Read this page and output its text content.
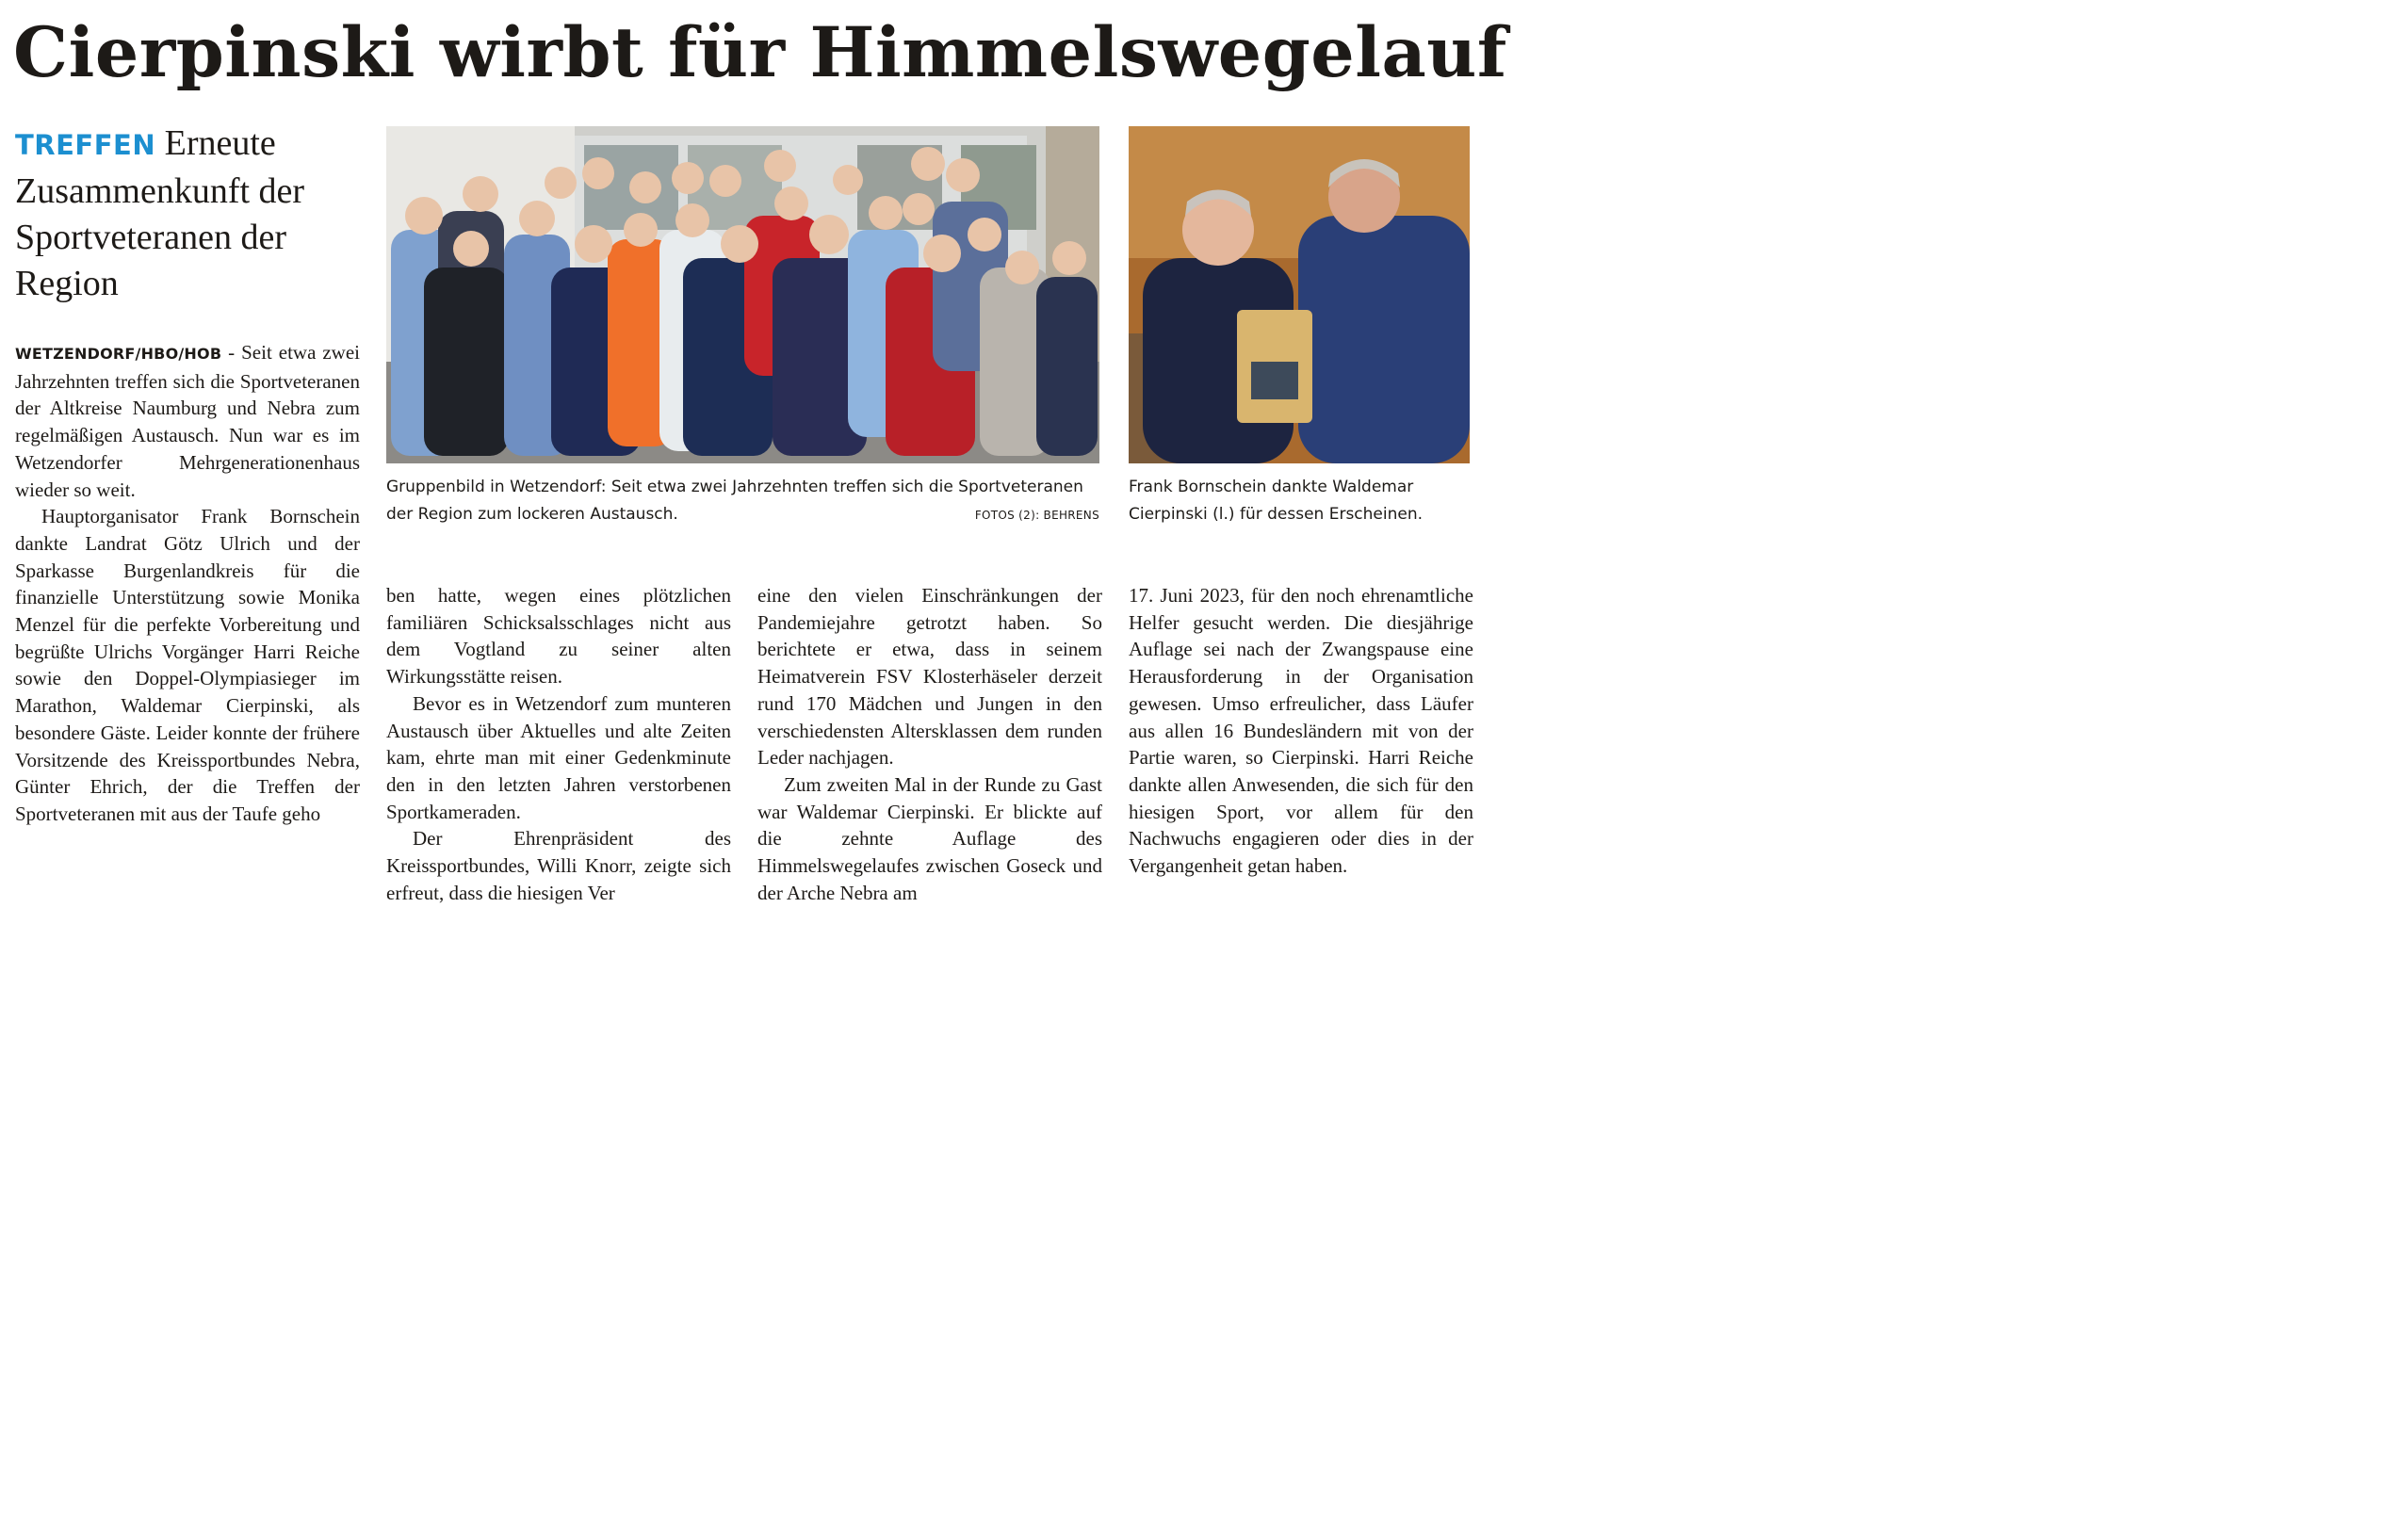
Cierpinski wirbt für Himmelswegelauf
TREFFEN Erneute Zusammenkunft der Sportveteranen der Region

WETZENDORF/HBO/HOB - Seit etwa zwei Jahrzehnten treffen sich die Sportveteranen der Altkreise Naumburg und Nebra zum regelmäßigen Austausch. Nun war es im Wetzendorfer Mehrgenerationenhaus wieder so weit.

Hauptorganisator Frank Bornschein dankte Landrat Götz Ulrich und der Sparkasse Burgenlandkreis für die finanzielle Unterstützung sowie Monika Menzel für die perfekte Vorbereitung und begrüßte Ulrichs Vorgänger Harri Reiche sowie den Doppel-Olympiasieger im Marathon, Waldemar Cierpinski, als besondere Gäste. Leider konnte der frühere Vorsitzende des Kreissportbundes Nebra, Günter Ehrich, der die Treffen der Sportveteranen mit aus der Taufe geho

Gruppenbild in Wetzendorf: Seit etwa zwei Jahrzehnten treffen sich die Sportveteranen der Region zum lockeren Austausch.	FOTOS (2): BEHRENS
Frank Bornschein dankte Waldemar Cierpinski (l.) für dessen Erscheinen.

ben hatte, wegen eines plötzlichen familiären Schicksalsschlages nicht aus dem Vogtland zu seiner alten Wirkungsstätte reisen.

Bevor es in Wetzendorf zum munteren Austausch über Aktuelles und alte Zeiten kam, ehrte man mit einer Gedenkminute den in den letzten Jahren verstorbenen Sportkameraden.

Der Ehrenpräsident des Kreissportbundes, Willi Knorr, zeigte sich erfreut, dass die hiesigen Ver

eine den vielen Einschränkungen der Pandemiejahre getrotzt haben. So berichtete er etwa, dass in seinem Heimatverein FSV Klosterhäseler derzeit rund 170 Mädchen und Jungen in den verschiedensten Altersklassen dem runden Leder nachjagen.

Zum zweiten Mal in der Runde zu Gast war Waldemar Cierpinski. Er blickte auf die zehnte Auflage des Himmelswegelaufes zwischen Goseck und der Arche Nebra am

17. Juni 2023, für den noch ehrenamtliche Helfer gesucht werden. Die diesjährige Auflage sei nach der Zwangspause eine Herausforderung in der Organisation gewesen. Umso erfreulicher, dass Läufer aus allen 16 Bundesländern mit von der Partie waren, so Cierpinski. Harri Reiche dankte allen Anwesenden, die sich für den hiesigen Sport, vor allem für den Nachwuchs engagieren oder dies in der Vergangenheit getan haben.
